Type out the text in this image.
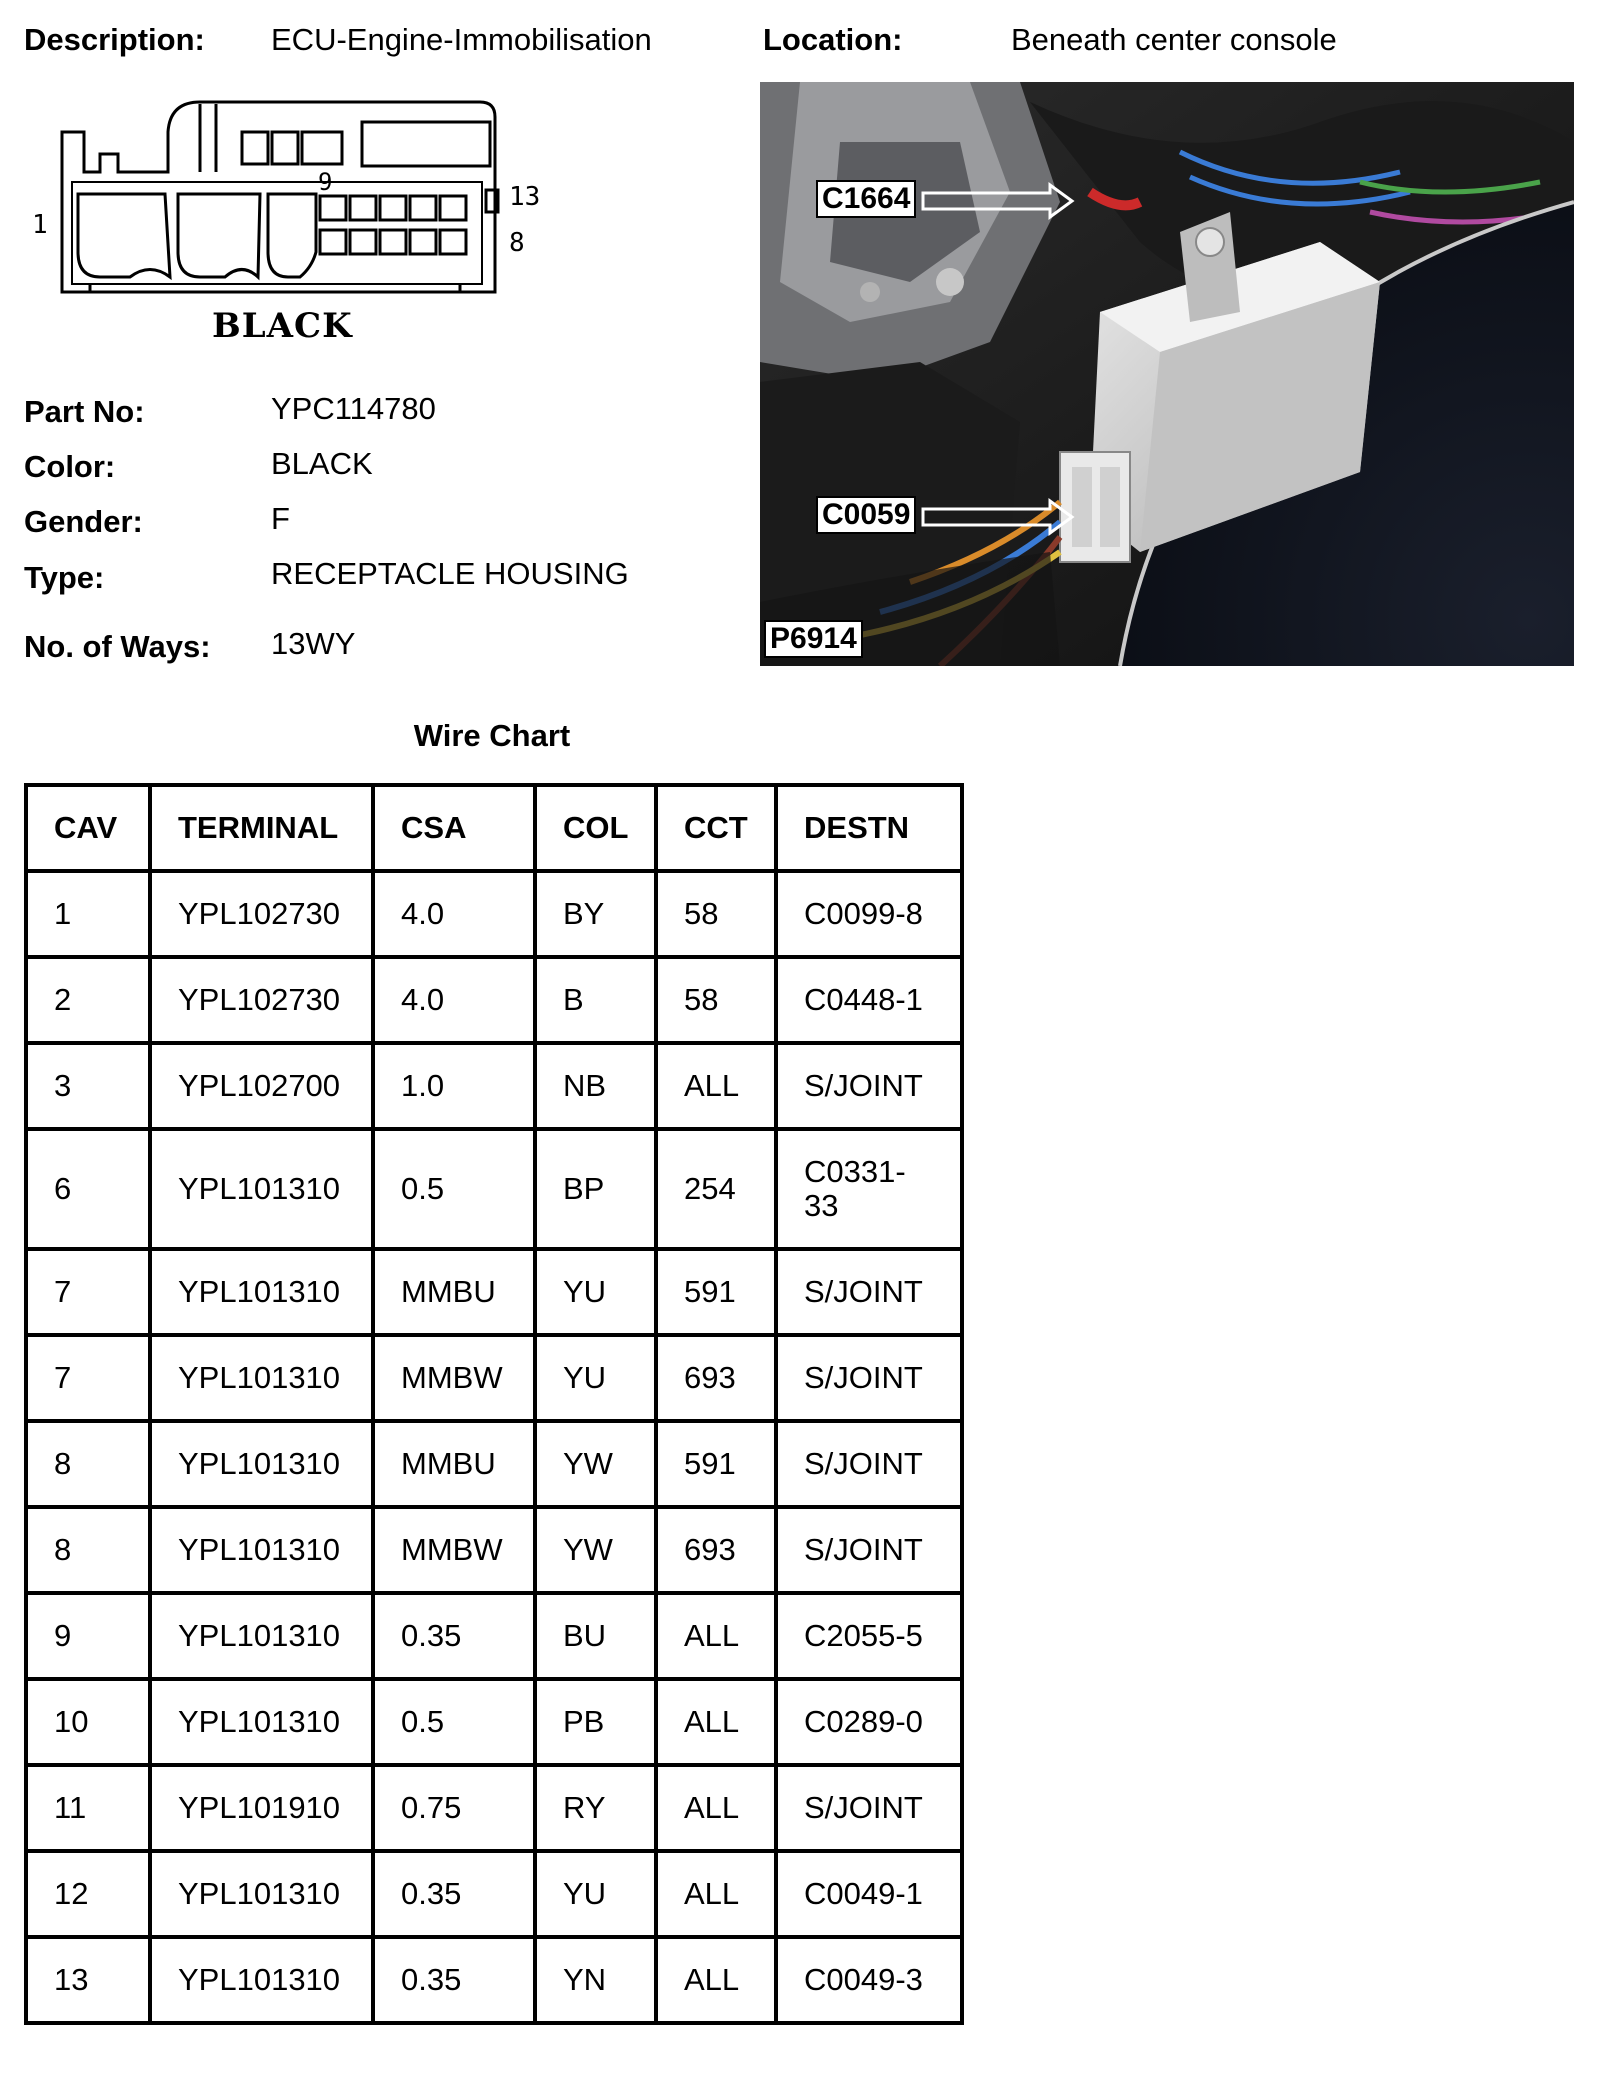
Description: ECU-Engine-Immobilisation	Location:	Beneath center console
1
9	13
8
BLACK
C1664
C0059
P6914
Part No:	YPC114780
Color:	BLACK
Gender:	F
Type:	RECEPTACLE HOUSING
No. of Ways: 13WY
Wire Chart
CAV	TERMINAL	CSA	COL	CCT	DESTN
1	YPL102730	4.0	BY	58	C0099-8
2	YPL102730	4.0	B	58	C0448-1
3	YPL102700	1.0	NB	ALL	S/JOINT
6	YPL101310	0.5	BP	254	C0331-33
7	YPL101310	MMBU	YU	591	S/JOINT
7	YPL101310	MMBW	YU	693	S/JOINT
8	YPL101310	MMBU	YW	591	S/JOINT
8	YPL101310	MMBW	YW	693	S/JOINT
9	YPL101310	0.35	BU	ALL	C2055-5
10	YPL101310	0.5	PB	ALL	C0289-0
11	YPL101910	0.75	RY	ALL	S/JOINT
12	YPL101310	0.35	YU	ALL	C0049-1
13	YPL101310	0.35	YN	ALL	C0049-3
